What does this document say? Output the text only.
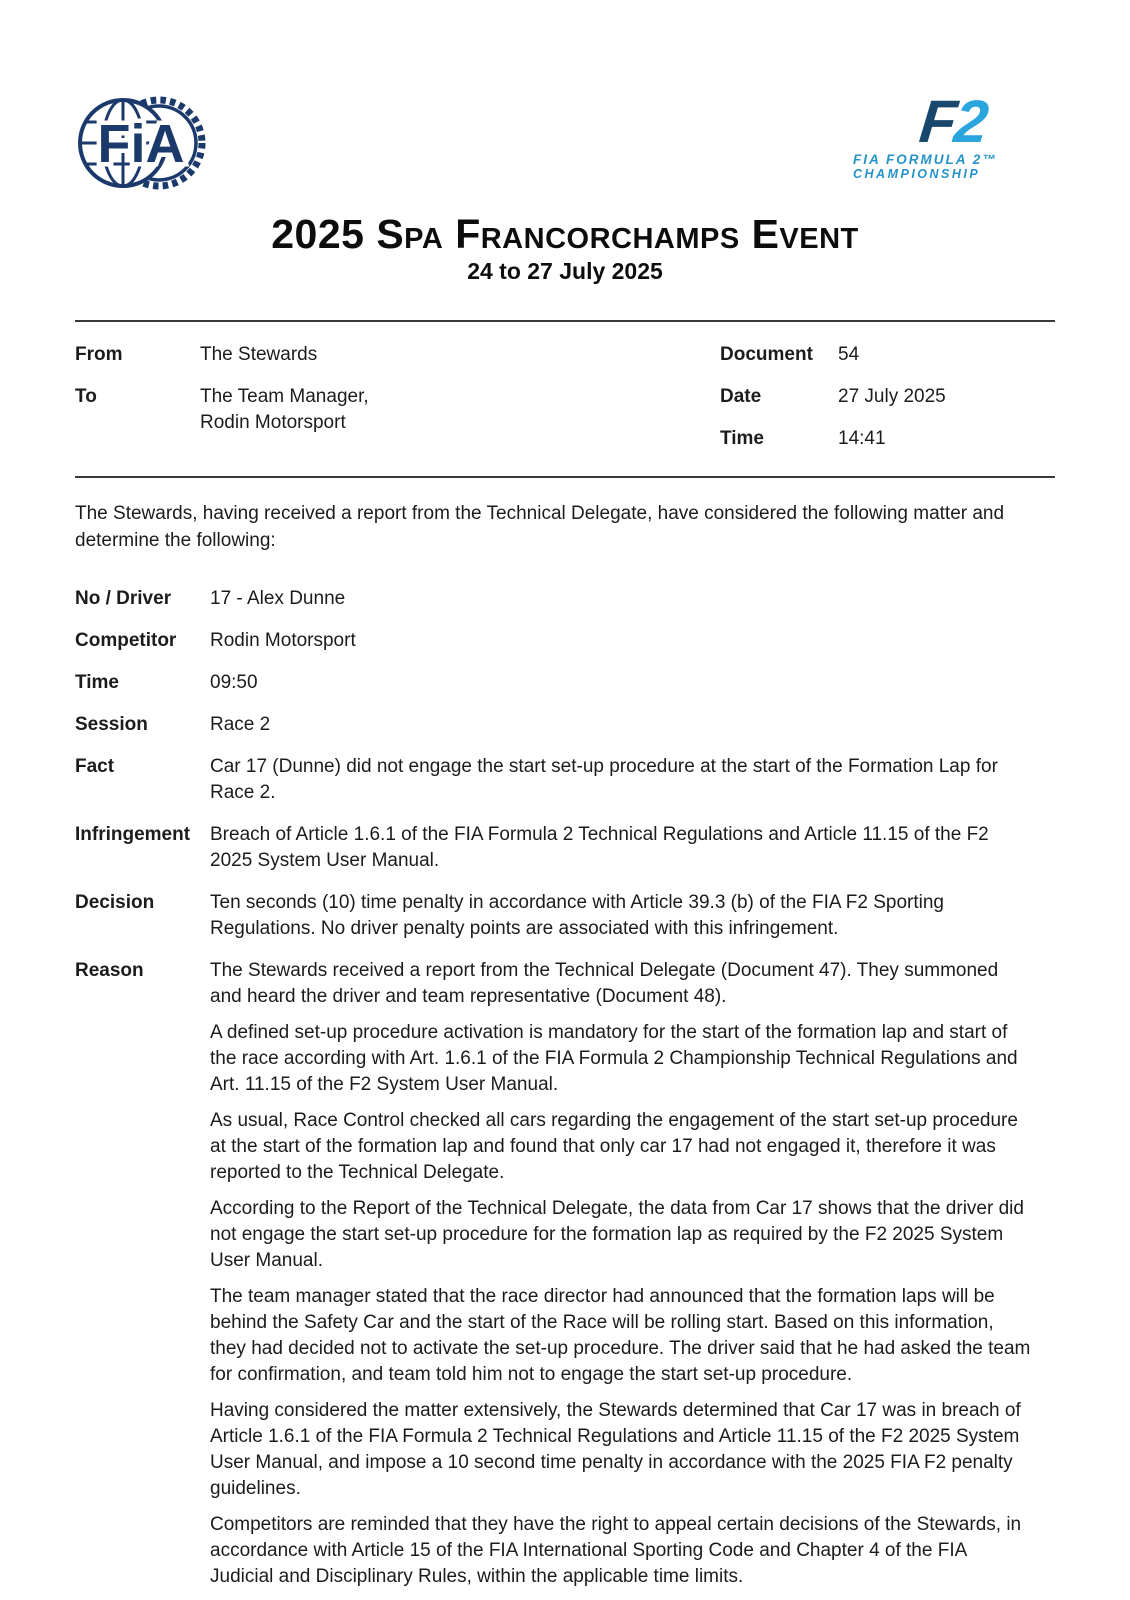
FiA	F2
FIA FORMULA 2™
CHAMPIONSHIP
2025 Spa Francorchamps Event
24 to 27 July 2025
From	The Stewards
To	The Team Manager,
Rodin Motorsport
Document	54
Date	27 July 2025
Time	14:41

The Stewards, having received a report from the Technical Delegate, have considered the following matter and determine the following:

No / Driver	17 - Alex Dunne
Competitor	Rodin Motorsport
Time	09:50
Session	Race 2
Fact	Car 17 (Dunne) did not engage the start set-up procedure at the start of the Formation Lap for Race 2.
Infringement	Breach of Article 1.6.1 of the FIA Formula 2 Technical Regulations and Article 11.15 of the F2 2025 System User Manual.
Decision	Ten seconds (10) time penalty in accordance with Article 39.3 (b) of the FIA F2 Sporting Regulations. No driver penalty points are associated with this infringement.
Reason	The Stewards received a report from the Technical Delegate (Document 47). They summoned and heard the driver and team representative (Document 48).

A defined set-up procedure activation is mandatory for the start of the formation lap and start of the race according with Art. 1.6.1 of the FIA Formula 2 Championship Technical Regulations and Art. 11.15 of the F2 System User Manual.

As usual, Race Control checked all cars regarding the engagement of the start set-up procedure at the start of the formation lap and found that only car 17 had not engaged it, therefore it was reported to the Technical Delegate.

According to the Report of the Technical Delegate, the data from Car 17 shows that the driver did not engage the start set-up procedure for the formation lap as required by the F2 2025 System User Manual.

The team manager stated that the race director had announced that the formation laps will be behind the Safety Car and the start of the Race will be rolling start. Based on this information, they had decided not to activate the set-up procedure. The driver said that he had asked the team for confirmation, and team told him not to engage the start set-up procedure.

Having considered the matter extensively, the Stewards determined that Car 17 was in breach of Article 1.6.1 of the FIA Formula 2 Technical Regulations and Article 11.15 of the F2 2025 System User Manual, and impose a 10 second time penalty in accordance with the 2025 FIA F2 penalty guidelines.

Competitors are reminded that they have the right to appeal certain decisions of the Stewards, in accordance with Article 15 of the FIA International Sporting Code and Chapter 4 of the FIA Judicial and Disciplinary Rules, within the applicable time limits.
